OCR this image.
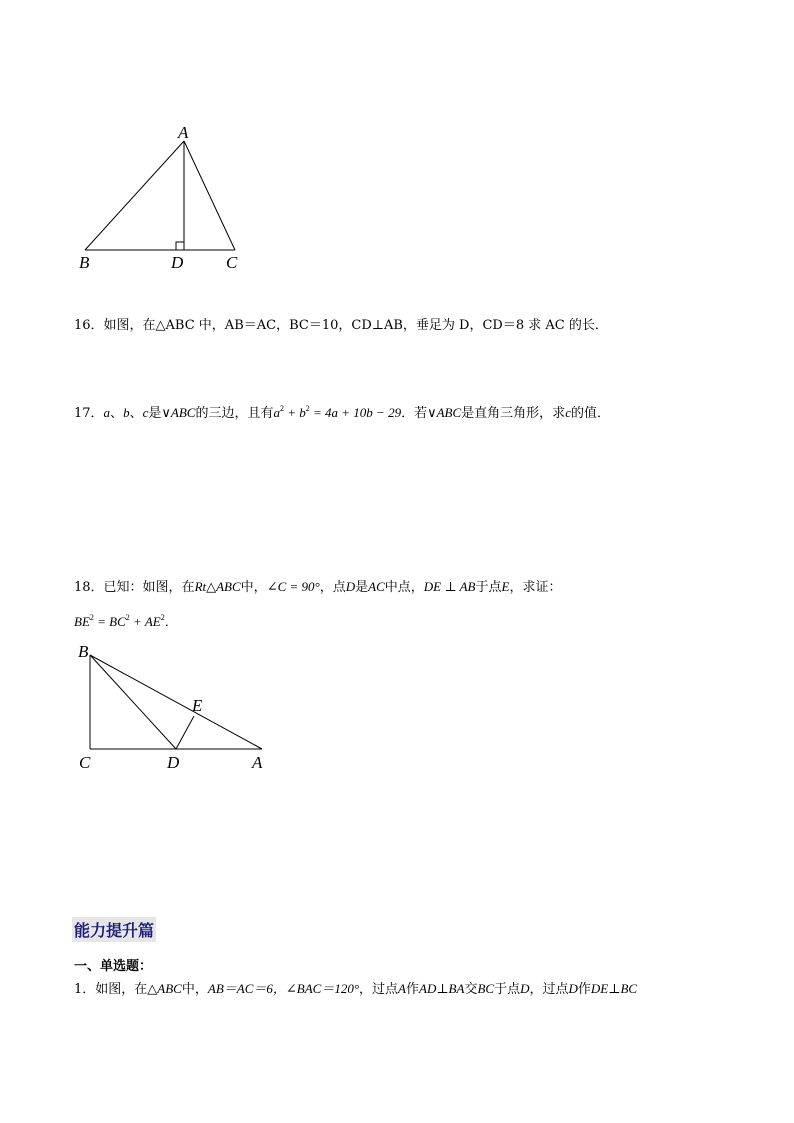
A
B	D	C
16．如图，在△ABC 中，AB＝AC，BC＝10，CD⊥AB，垂足为 D，CD＝8 求 AC 的长．
17．a、b、c是∨ABC的三边，且有$a^2 + b^2 = 4a + 10b - 29$．若∨ABC是直角三角形，求c的值．
18．已知：如图，在Rt△ABC中，∠C = 90°，点D是AC中点，DE ⊥ AB于点E，求证：
$BE^2 = BC^2 + AE^2$．
B
E
C	D	A
能力提升篇
一、单选题：
1．如图，在△ABC中，AB＝AC＝6，∠BAC＝120°，过点A作AD⊥BA交BC于点D，过点D作DE⊥BC
